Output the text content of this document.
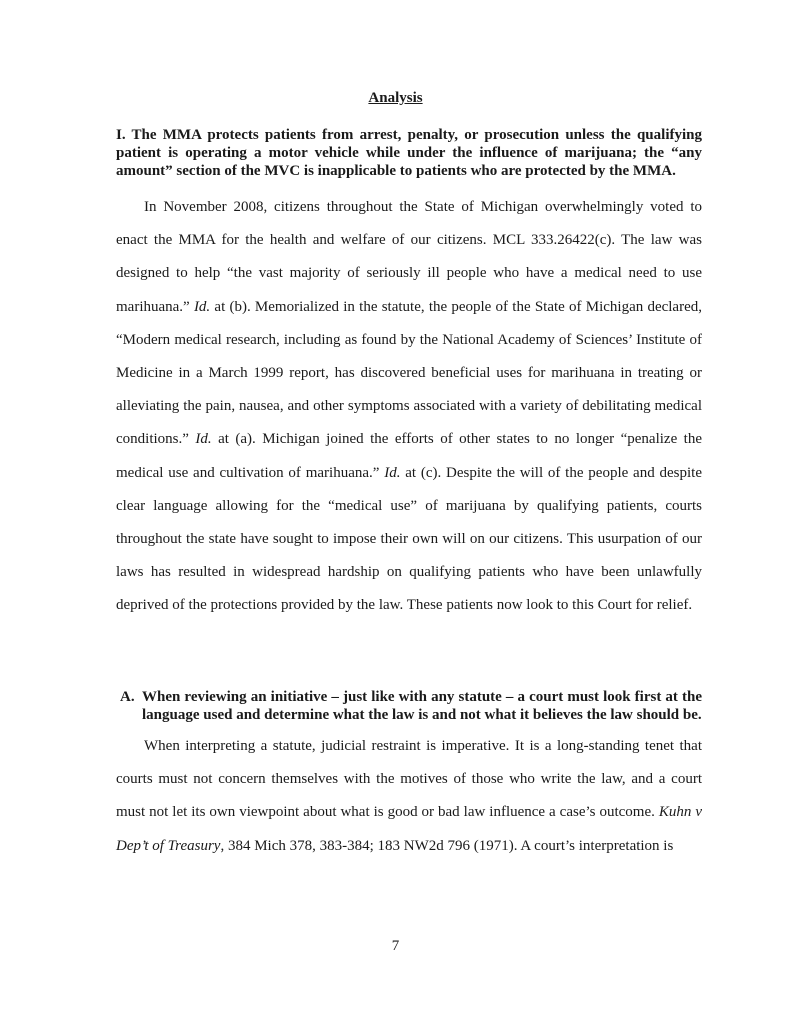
Analysis
I. The MMA protects patients from arrest, penalty, or prosecution unless the qualifying patient is operating a motor vehicle while under the influence of marijuana; the “any amount” section of the MVC is inapplicable to patients who are protected by the MMA.
In November 2008, citizens throughout the State of Michigan overwhelmingly voted to enact the MMA for the health and welfare of our citizens. MCL 333.26422(c). The law was designed to help “the vast majority of seriously ill people who have a medical need to use marihuana.” Id. at (b). Memorialized in the statute, the people of the State of Michigan declared, “Modern medical research, including as found by the National Academy of Sciences’ Institute of Medicine in a March 1999 report, has discovered beneficial uses for marihuana in treating or alleviating the pain, nausea, and other symptoms associated with a variety of debilitating medical conditions.” Id. at (a). Michigan joined the efforts of other states to no longer “penalize the medical use and cultivation of marihuana.” Id. at (c). Despite the will of the people and despite clear language allowing for the “medical use” of marijuana by qualifying patients, courts throughout the state have sought to impose their own will on our citizens. This usurpation of our laws has resulted in widespread hardship on qualifying patients who have been unlawfully deprived of the protections provided by the law. These patients now look to this Court for relief.
A. When reviewing an initiative – just like with any statute – a court must look first at the language used and determine what the law is and not what it believes the law should be.
When interpreting a statute, judicial restraint is imperative. It is a long-standing tenet that courts must not concern themselves with the motives of those who write the law, and a court must not let its own viewpoint about what is good or bad law influence a case’s outcome. Kuhn v Dep’t of Treasury, 384 Mich 378, 383-384; 183 NW2d 796 (1971). A court’s interpretation is
7
